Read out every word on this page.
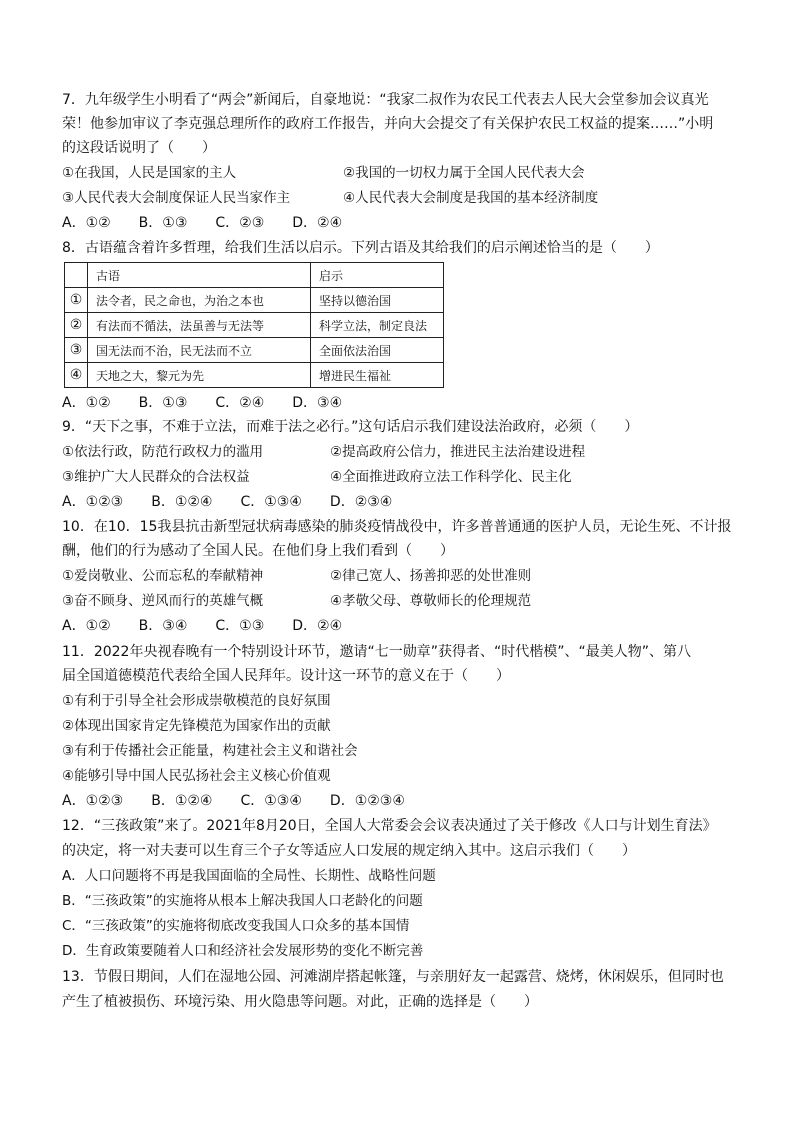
7．九年级学生小明看了“两会”新闻后，自豪地说：“我家二叔作为农民工代表去人民大会堂参加会议真光
荣！他参加审议了李克强总理所作的政府工作报告，并向大会提交了有关保护农民工权益的提案……”小明
的这段话说明了（　　）
①在我国，人民是国家的主人	②我国的一切权力属于全国人民代表大会
③人民代表大会制度保证人民当家作主	④人民代表大会制度是我国的基本经济制度
A．①②　　B．①③　　C．②③　　D．②④
8．古语蕴含着许多哲理，给我们生活以启示。下列古语及其给我们的启示阐述恰当的是（　　）
	古语	启示
①	法令者，民之命也，为治之本也	坚持以德治国
②	有法而不循法，法虽善与无法等	科学立法，制定良法
③	国无法而不治，民无法而不立	全面依法治国
④	天地之大，黎元为先	增进民生福祉
A．①②　　B．①③　　C．②④　　D．③④
9．“天下之事，不难于立法，而难于法之必行。”这句话启示我们建设法治政府，必须（　　）
①依法行政，防范行政权力的滥用	②提高政府公信力，推进民主法治建设进程
③维护广大人民群众的合法权益	④全面推进政府立法工作科学化、民主化
A．①②③　　B．①②④　　C．①③④　　D．②③④
10．在10．15我县抗击新型冠状病毒感染的肺炎疫情战役中，许多普普通通的医护人员，无论生死、不计报
酬，他们的行为感动了全国人民。在他们身上我们看到（　　）
①爱岗敬业、公而忘私的奉献精神	②律己宽人、扬善抑恶的处世准则
③奋不顾身、逆风而行的英雄气概	④孝敬父母、尊敬师长的伦理规范
A．①②　　B．③④　　C．①③　　D．②④
11．2022年央视春晚有一个特别设计环节，邀请“七一勋章”获得者、“时代楷模”、“最美人物”、第八
届全国道德模范代表给全国人民拜年。设计这一环节的意义在于（　　）
①有利于引导全社会形成崇敬模范的良好氛围
②体现出国家肯定先锋模范为国家作出的贡献
③有利于传播社会正能量，构建社会主义和谐社会
④能够引导中国人民弘扬社会主义核心价值观
A．①②③　　B．①②④　　C．①③④　　D．①②③④
12．“三孩政策”来了。2021年8月20日，全国人大常委会会议表决通过了关于修改《人口与计划生育法》
的决定，将一对夫妻可以生育三个子女等适应人口发展的规定纳入其中。这启示我们（　　）
A．人口问题将不再是我国面临的全局性、长期性、战略性问题
B．“三孩政策”的实施将从根本上解决我国人口老龄化的问题
C．“三孩政策”的实施将彻底改变我国人口众多的基本国情
D．生育政策要随着人口和经济社会发展形势的变化不断完善
13．节假日期间，人们在湿地公园、河滩湖岸搭起帐篷，与亲朋好友一起露营、烧烤，休闲娱乐，但同时也
产生了植被损伤、环境污染、用火隐患等问题。对此，正确的选择是（　　）
